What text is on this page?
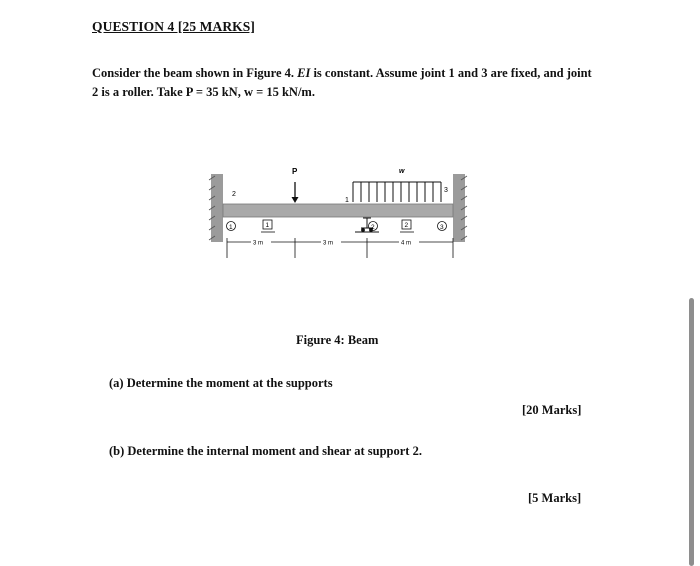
QUESTION 4 [25 MARKS]
Consider the beam shown in Figure 4. EI is constant. Assume joint 1 and 3 are fixed, and joint
2 is a roller. Take P = 35 kN, w = 15 kN/m.
P	w
2
1
3
1	2	3
1	2
3 m	3 m	4 m
Figure 4: Beam
(a) Determine the moment at the supports
[20 Marks]
(b) Determine the internal moment and shear at support 2.
[5 Marks]
